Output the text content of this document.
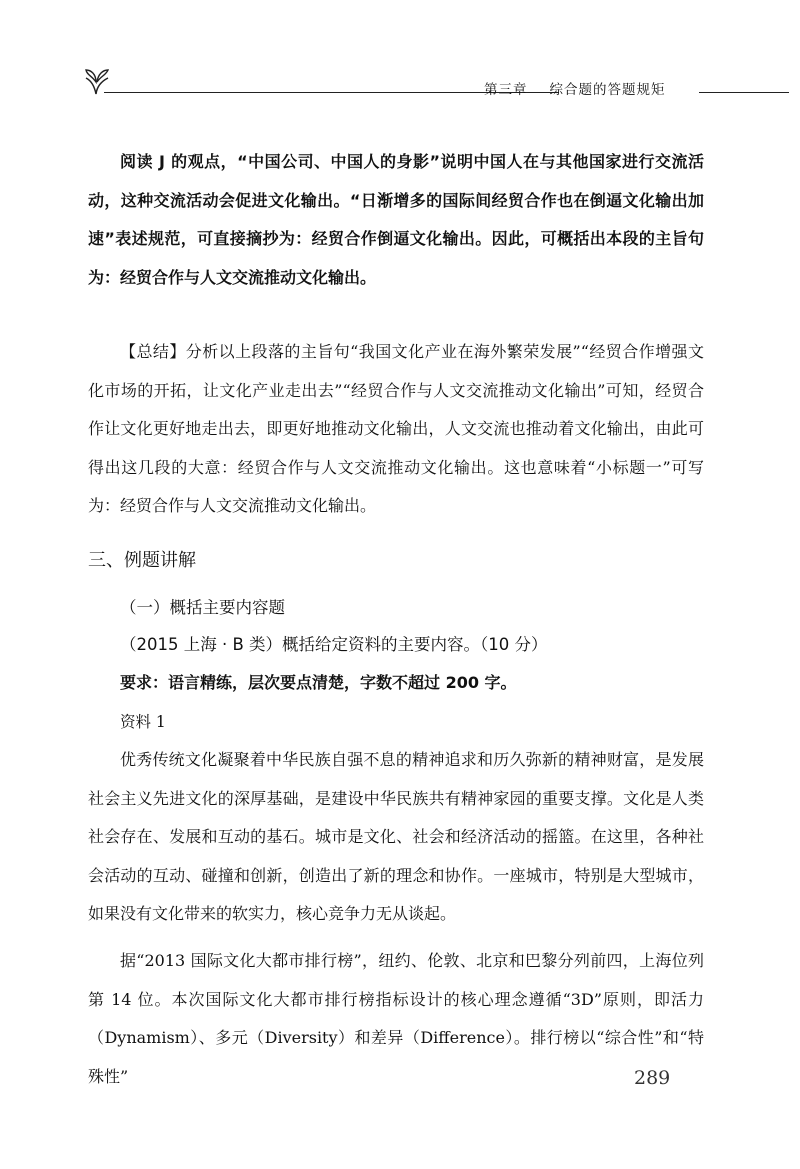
第三章 综合题的答题规矩

阅读 J 的观点，“中国公司、中国人的身影”说明中国人在与其他国家进行交流活动，这种交流活动会促进文化输出。“日渐增多的国际间经贸合作也在倒逼文化输出加速”表述规范，可直接摘抄为：经贸合作倒逼文化输出。因此，可概括出本段的主旨句为：经贸合作与人文交流推动文化输出。

【总结】分析以上段落的主旨句“我国文化产业在海外繁荣发展”“经贸合作增强文化市场的开拓，让文化产业走出去”“经贸合作与人文交流推动文化输出”可知，经贸合作让文化更好地走出去，即更好地推动文化输出，人文交流也推动着文化输出，由此可得出这几段的大意：经贸合作与人文交流推动文化输出。这也意味着“小标题一”可写为：经贸合作与人文交流推动文化输出。

三、例题讲解

（一）概括主要内容题

（2015 上海 · B 类）概括给定资料的主要内容。（10 分）

要求：语言精练，层次要点清楚，字数不超过 200 字。

资料 1

优秀传统文化凝聚着中华民族自强不息的精神追求和历久弥新的精神财富，是发展社会主义先进文化的深厚基础，是建设中华民族共有精神家园的重要支撑。文化是人类社会存在、发展和互动的基石。城市是文化、社会和经济活动的摇篮。在这里，各种社会活动的互动、碰撞和创新，创造出了新的理念和协作。一座城市，特别是大型城市，如果没有文化带来的软实力，核心竞争力无从谈起。

据“2013 国际文化大都市排行榜”，纽约、伦敦、北京和巴黎分列前四，上海位列第 14 位。本次国际文化大都市排行榜指标设计的核心理念遵循“3D”原则，即活力（Dynamism）、多元（Diversity）和差异（Difference）。排行榜以“综合性”和“特殊性”	289
